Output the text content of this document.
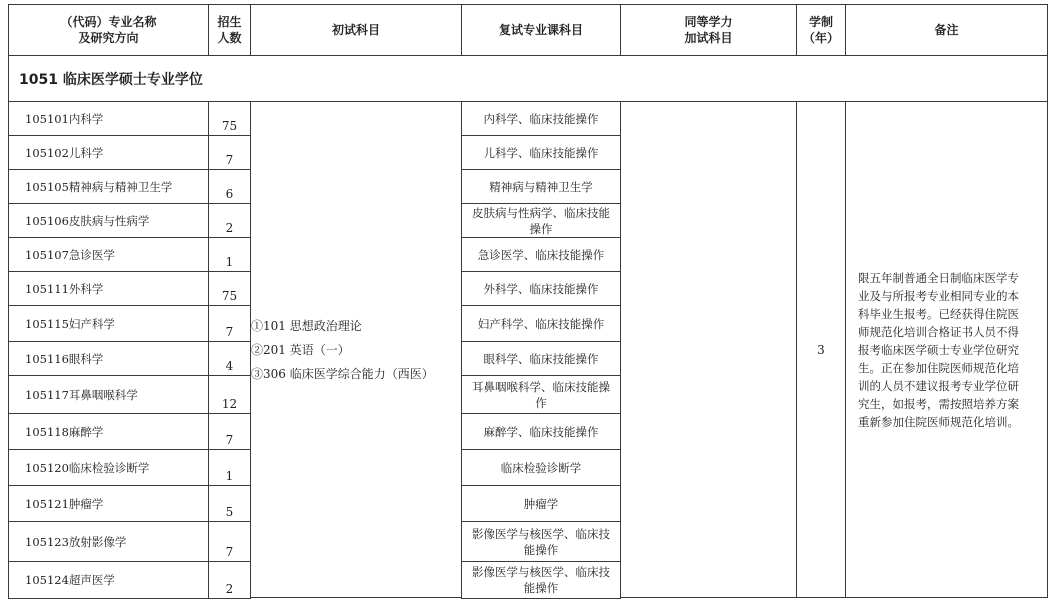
（代码）专业名称
及研究方向
招生
人数
初试科目	复试专业课科目
同等学力
加试科目
学制
（年）
备注
1051 临床医学硕士专业学位
105101内科学
75
内科学、临床技能操作
105102儿科学
7
儿科学、临床技能操作
105105精神病与精神卫生学
6
精神病与精神卫生学
105106皮肤病与性病学
2
皮肤病与性病学、临床技能
操作
105107急诊医学
1
急诊医学、临床技能操作
105111外科学
75
外科学、临床技能操作
105115妇产科学
7
妇产科学、临床技能操作
105116眼科学
4
眼科学、临床技能操作
105117耳鼻咽喉科学
12
耳鼻咽喉科学、临床技能操
作
105118麻醉学
7
麻醉学、临床技能操作
105120临床检验诊断学
1
临床检验诊断学
105121肿瘤学
5
肿瘤学
105123放射影像学
7
影像医学与核医学、临床技
能操作
105124超声医学
2
影像医学与核医学、临床技
能操作
①101 思想政治理论
②201 英语（一）
③306 临床医学综合能力（西医）
3
限五年制普通全日制临床医学专
业及与所报考专业相同专业的本
科毕业生报考。已经获得住院医
师规范化培训合格证书人员不得
报考临床医学硕士专业学位研究
生。正在参加住院医师规范化培
训的人员不建议报考专业学位研
究生，如报考，需按照培养方案
重新参加住院医师规范化培训。
